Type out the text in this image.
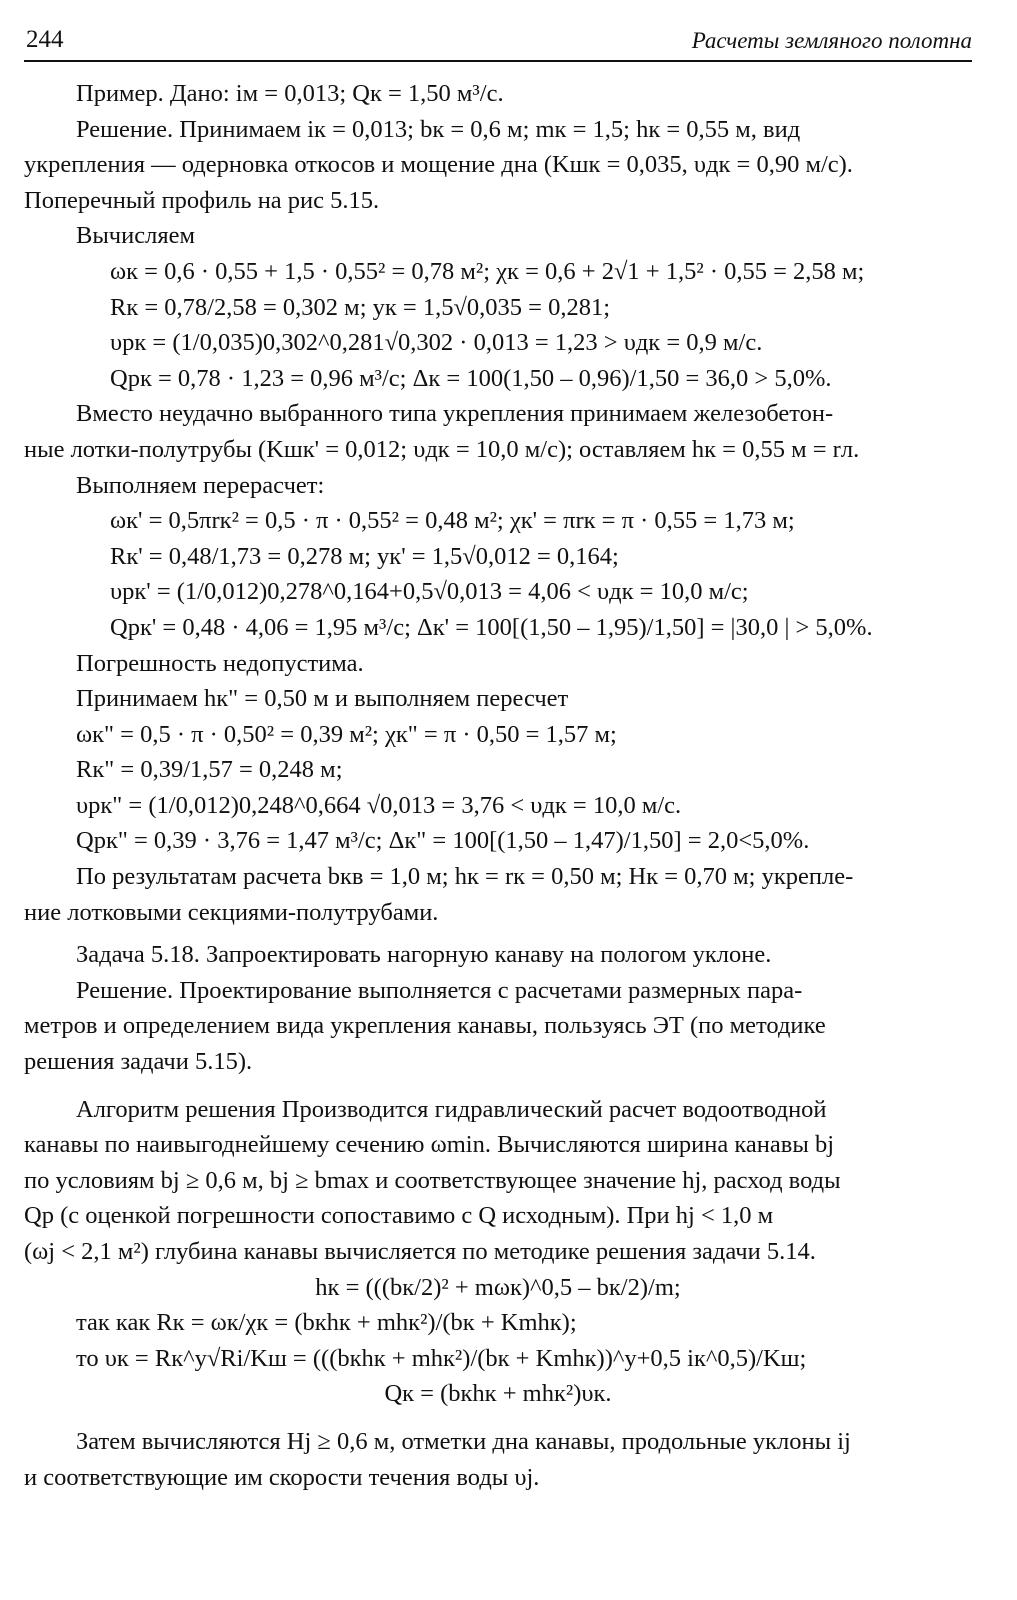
244	Расчеты земляного полотна

Пример. Дано: iм = 0,013; Qк = 1,50 м³/с.

Решение. Принимаем iк = 0,013; bк = 0,6 м; mк = 1,5; hк = 0,55 м, вид

укрепления — одерновка откосов и мощение дна (Kшк = 0,035, υдк = 0,90 м/с).

Поперечный профиль на рис 5.15.

Вычисляем

ωк = 0,6 · 0,55 + 1,5 · 0,55² = 0,78 м²; χк = 0,6 + 2√1 + 1,5² · 0,55 = 2,58 м;

Rк = 0,78/2,58 = 0,302 м; yк = 1,5√0,035 = 0,281;

υрк = (1/0,035)0,302^0,281√0,302 · 0,013 = 1,23 > υдк = 0,9 м/с.

Qрк = 0,78 · 1,23 = 0,96 м³/с; Δк = 100(1,50 – 0,96)/1,50 = 36,0 > 5,0%.

Вместо неудачно выбранного типа укрепления принимаем железобетон-

ные лотки-полутрубы (Kшк' = 0,012; υдк = 10,0 м/с); оставляем hк = 0,55 м = rл.

Выполняем перерасчет:

ωк' = 0,5πrк² = 0,5 · π · 0,55² = 0,48 м²; χк' = πrк = π · 0,55 = 1,73 м;

Rк' = 0,48/1,73 = 0,278 м; yк' = 1,5√0,012 = 0,164;

υрк' = (1/0,012)0,278^0,164+0,5√0,013 = 4,06 < υдк = 10,0 м/с;

Qрк' = 0,48 · 4,06 = 1,95 м³/с; Δк' = 100[(1,50 – 1,95)/1,50] = |30,0 | > 5,0%.

Погрешность недопустима.

Принимаем hк" = 0,50 м и выполняем пересчет

ωк" = 0,5 · π · 0,50² = 0,39 м²; χк" = π · 0,50 = 1,57 м;

Rк" = 0,39/1,57 = 0,248 м;

υрк" = (1/0,012)0,248^0,664 √0,013 = 3,76 < υдк = 10,0 м/с.

Qрк" = 0,39 · 3,76 = 1,47 м³/с; Δк" = 100[(1,50 – 1,47)/1,50] = 2,0<5,0%.

По результатам расчета bкв = 1,0 м; hк = rк = 0,50 м; Hк = 0,70 м; укрепле-

ние лотковыми секциями-полутрубами.

Задача 5.18. Запроектировать нагорную канаву на пологом уклоне.

Решение. Проектирование выполняется с расчетами размерных пара-

метров и определением вида укрепления канавы, пользуясь ЭТ (по методике

решения задачи 5.15).

Алгоритм решения Производится гидравлический расчет водоотводной

канавы по наивыгоднейшему сечению ωmin. Вычисляются ширина канавы bj

по условиям bj ≥ 0,6 м, bj ≥ bmax и соответствующее значение hj, расход воды

Qр (с оценкой погрешности сопоставимо с Q исходным). При hj < 1,0 м

(ωj < 2,1 м²) глубина канавы вычисляется по методике решения задачи 5.14.

hк = (((bк/2)² + mωк)^0,5 – bк/2)/m;

так как Rк = ωк/χк = (bкhк + mhк²)/(bк + Kmhк);

то υк = Rк^y√Ri/Kш = (((bкhк + mhк²)/(bк + Kmhк))^y+0,5 iк^0,5)/Kш;

Qк = (bкhк + mhк²)υк.

Затем вычисляются Hj ≥ 0,6 м, отметки дна канавы, продольные уклоны ij

и соответствующие им скорости течения воды υj.
